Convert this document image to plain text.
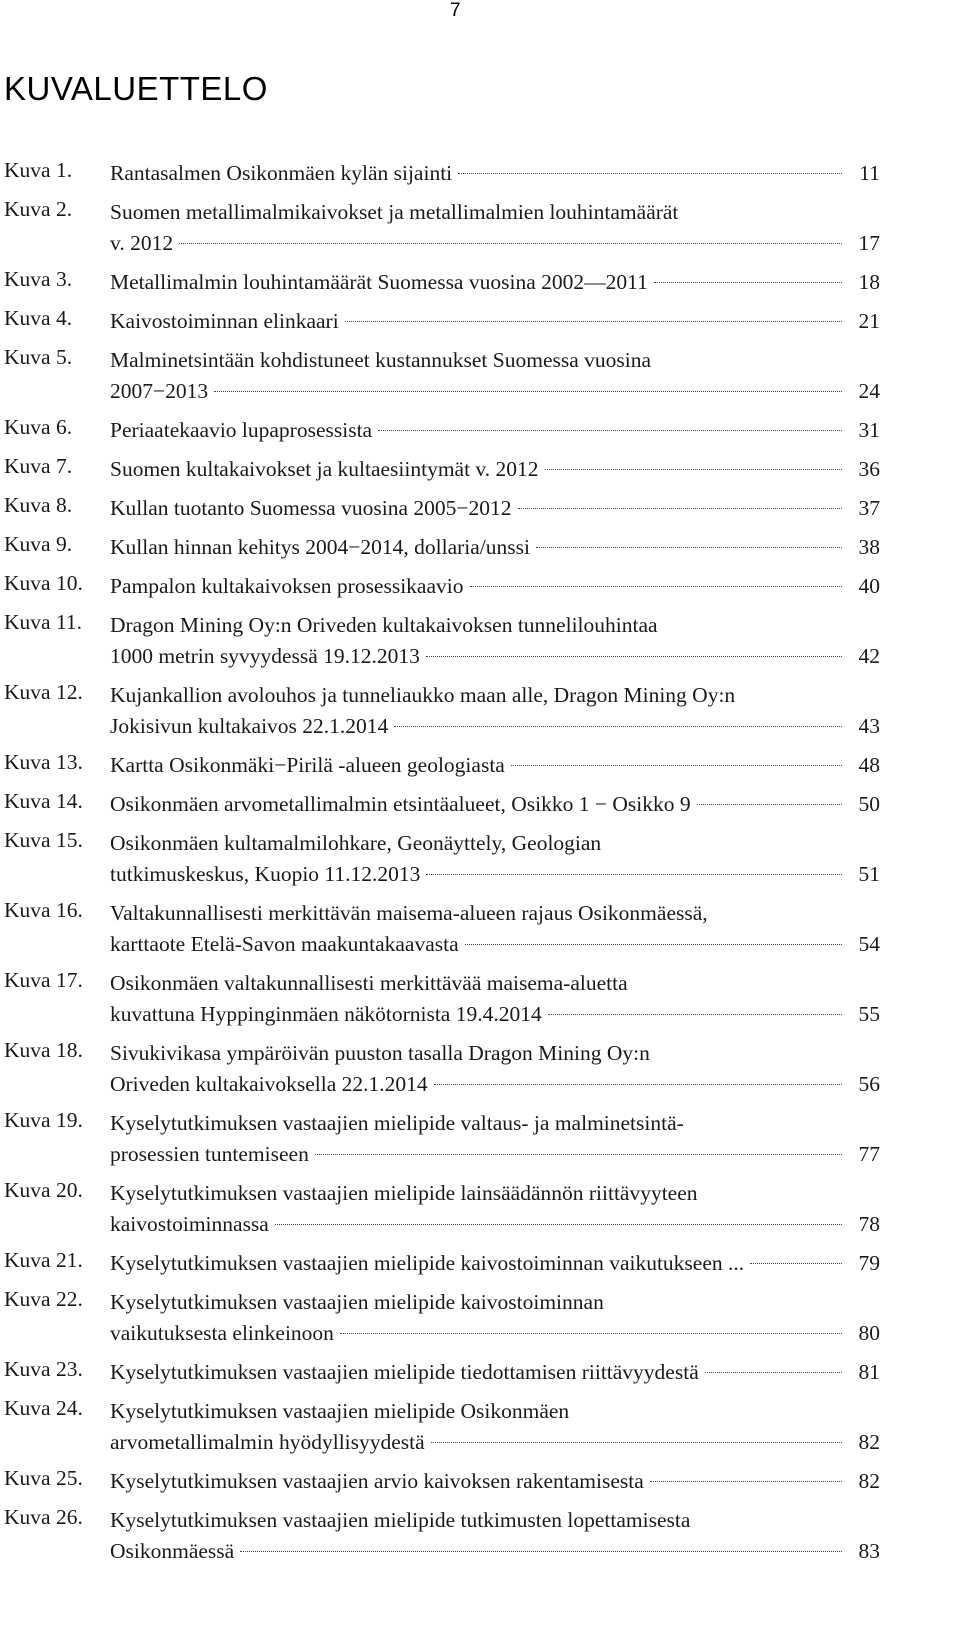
7
KUVALUETTELO
Kuva 1. Rantasalmen Osikonmäen kylän sijainti	11
Kuva 2. Suomen metallimalmikaivokset ja metallimalmien louhintamäärät
v. 2012	17
Kuva 3. Metallimalmin louhintamäärät Suomessa vuosina 2002—2011	18
Kuva 4. Kaivostoiminnan elinkaari	21
Kuva 5. Malminetsintään kohdistuneet kustannukset Suomessa vuosina
2007−2013	24
Kuva 6. Periaatekaavio lupaprosessista	31
Kuva 7. Suomen kultakaivokset ja kultaesiintymät v. 2012	36
Kuva 8. Kullan tuotanto Suomessa vuosina 2005−2012	37
Kuva 9. Kullan hinnan kehitys 2004−2014, dollaria/unssi	38
Kuva 10. Pampalon kultakaivoksen prosessikaavio	40
Kuva 11. Dragon Mining Oy:n Oriveden kultakaivoksen tunnelilouhintaa
1000 metrin syvyydessä 19.12.2013	42
Kuva 12. Kujankallion avolouhos ja tunneliaukko maan alle, Dragon Mining Oy:n
Jokisivun kultakaivos 22.1.2014	43
Kuva 13. Kartta Osikonmäki−Pirilä -alueen geologiasta	48
Kuva 14. Osikonmäen arvometallimalmin etsintäalueet, Osikko 1 − Osikko 9	50
Kuva 15. Osikonmäen kultamalmilohkare, Geonäyttely, Geologian
tutkimuskeskus, Kuopio 11.12.2013	51
Kuva 16. Valtakunnallisesti merkittävän maisema-alueen rajaus Osikonmäessä,
karttaote Etelä-Savon maakuntakaavasta	54
Kuva 17. Osikonmäen valtakunnallisesti merkittävää maisema-aluetta
kuvattuna Hyppinginmäen näkötornista 19.4.2014	55
Kuva 18. Sivukivikasa ympäröivän puuston tasalla Dragon Mining Oy:n
Oriveden kultakaivoksella 22.1.2014	56
Kuva 19. Kyselytutkimuksen vastaajien mielipide valtaus- ja malminetsintä-
prosessien tuntemiseen	77
Kuva 20. Kyselytutkimuksen vastaajien mielipide lainsäädännön riittävyyteen
kaivostoiminnassa	78
Kuva 21. Kyselytutkimuksen vastaajien mielipide kaivostoiminnan vaikutukseen ...	79
Kuva 22. Kyselytutkimuksen vastaajien mielipide kaivostoiminnan
vaikutuksesta elinkeinoon	80
Kuva 23. Kyselytutkimuksen vastaajien mielipide tiedottamisen riittävyydestä	81
Kuva 24. Kyselytutkimuksen vastaajien mielipide Osikonmäen
arvometallimalmin hyödyllisyydestä	82
Kuva 25. Kyselytutkimuksen vastaajien arvio kaivoksen rakentamisesta	82
Kuva 26. Kyselytutkimuksen vastaajien mielipide tutkimusten lopettamisesta
Osikonmäessä	83
